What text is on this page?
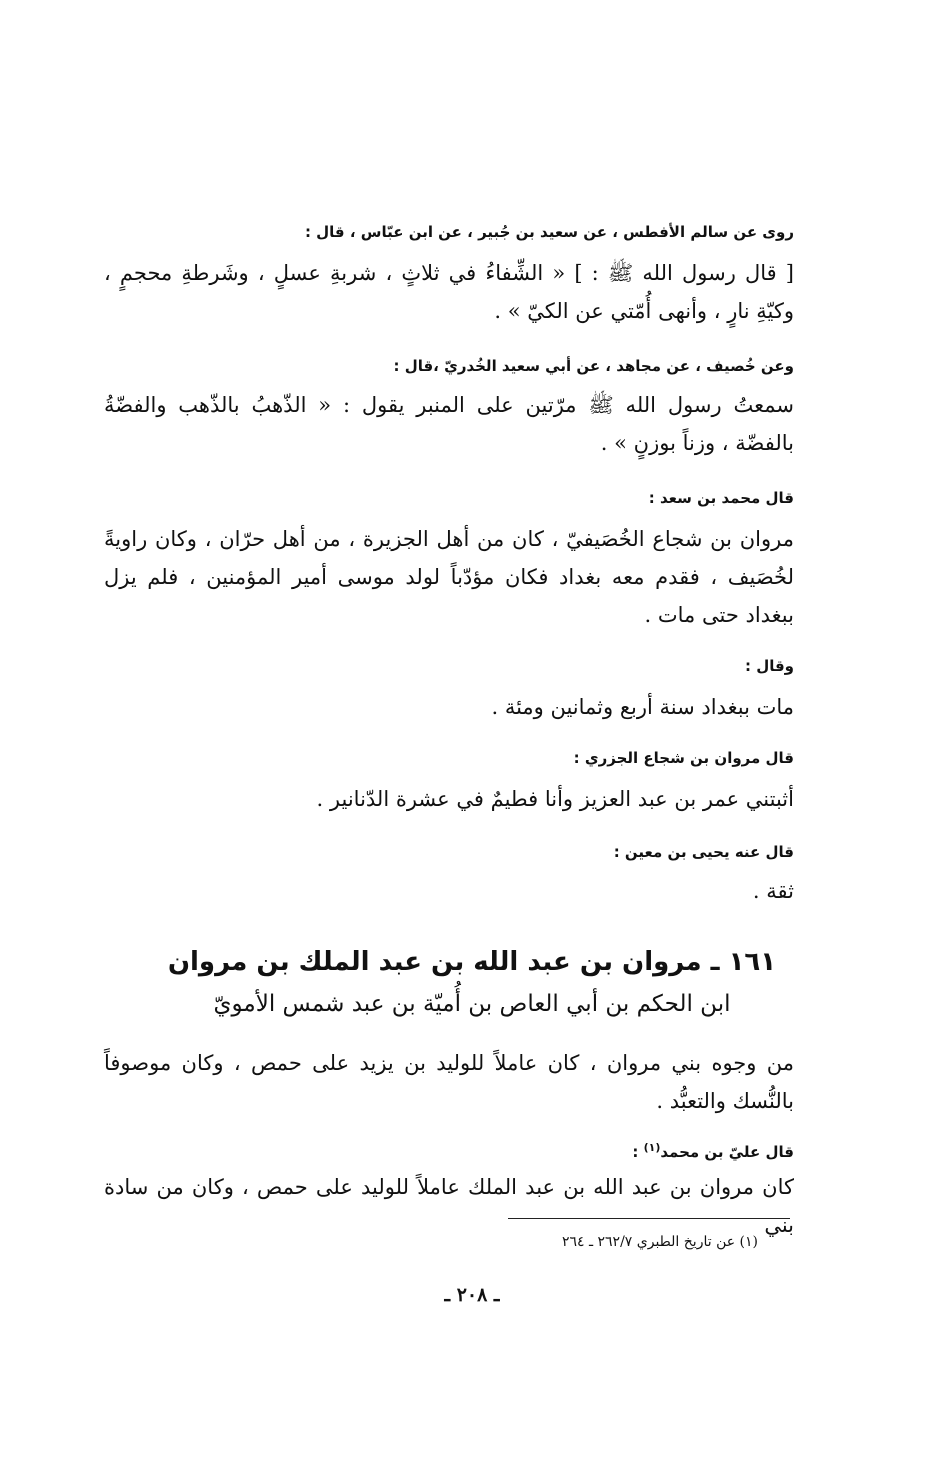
روى عن سالم الأفطس ، عن سعيد بن جُبير ، عن ابن عبّاس ، قال :
[ قال رسول الله ﷺ : ] « الشِّفاءُ في ثلاثٍ ، شربةِ عسلٍ ، وشَرطةِ محجمٍ ، وكيّةِ نارٍ ، وأنهى أُمّتي عن الكيّ » .
وعن خُصيف ، عن مجاهد ، عن أبي سعيد الخُدريّ ،قال :
سمعتُ رسول الله ﷺ مرّتين على المنبر يقول : « الذّهبُ بالذّهب والفضّةُ بالفضّة ، وزناً بوزنٍ » .
قال محمد بن سعد :
مروان بن شجاع الخُصَيفيّ ، كان من أهل الجزيرة ، من أهل حرّان ، وكان راويةً لخُصَيف ، فقدم معه بغداد فكان مؤدّباً لولد موسى أمير المؤمنين ، فلم يزل ببغداد حتى مات .
وقال :
مات ببغداد سنة أربع وثمانين ومئة .
قال مروان بن شجاع الجزري :
أثبتني عمر بن عبد العزيز وأنا فطيمٌ في عشرة الدّنانير .
قال عنه يحيى بن معين :
ثقة .
١٦١ ـ مروان بن عبد الله بن عبد الملك بن مروان
ابن الحكم بن أبي العاص بن أُميّة بن عبد شمس الأمويّ
من وجوه بني مروان ، كان عاملاً للوليد بن يزيد على حمص ، وكان موصوفاً بالنُّسك والتعبُّد .
قال عليّ بن محمد$^{(١)}$ :
كان مروان بن عبد الله بن عبد الملك عاملاً للوليد على حمص ، وكان من سادة بني
(١) عن تاريخ الطبري ٢٦٢/٧ ـ ٢٦٤
ـ ٢٠٨ ـ
